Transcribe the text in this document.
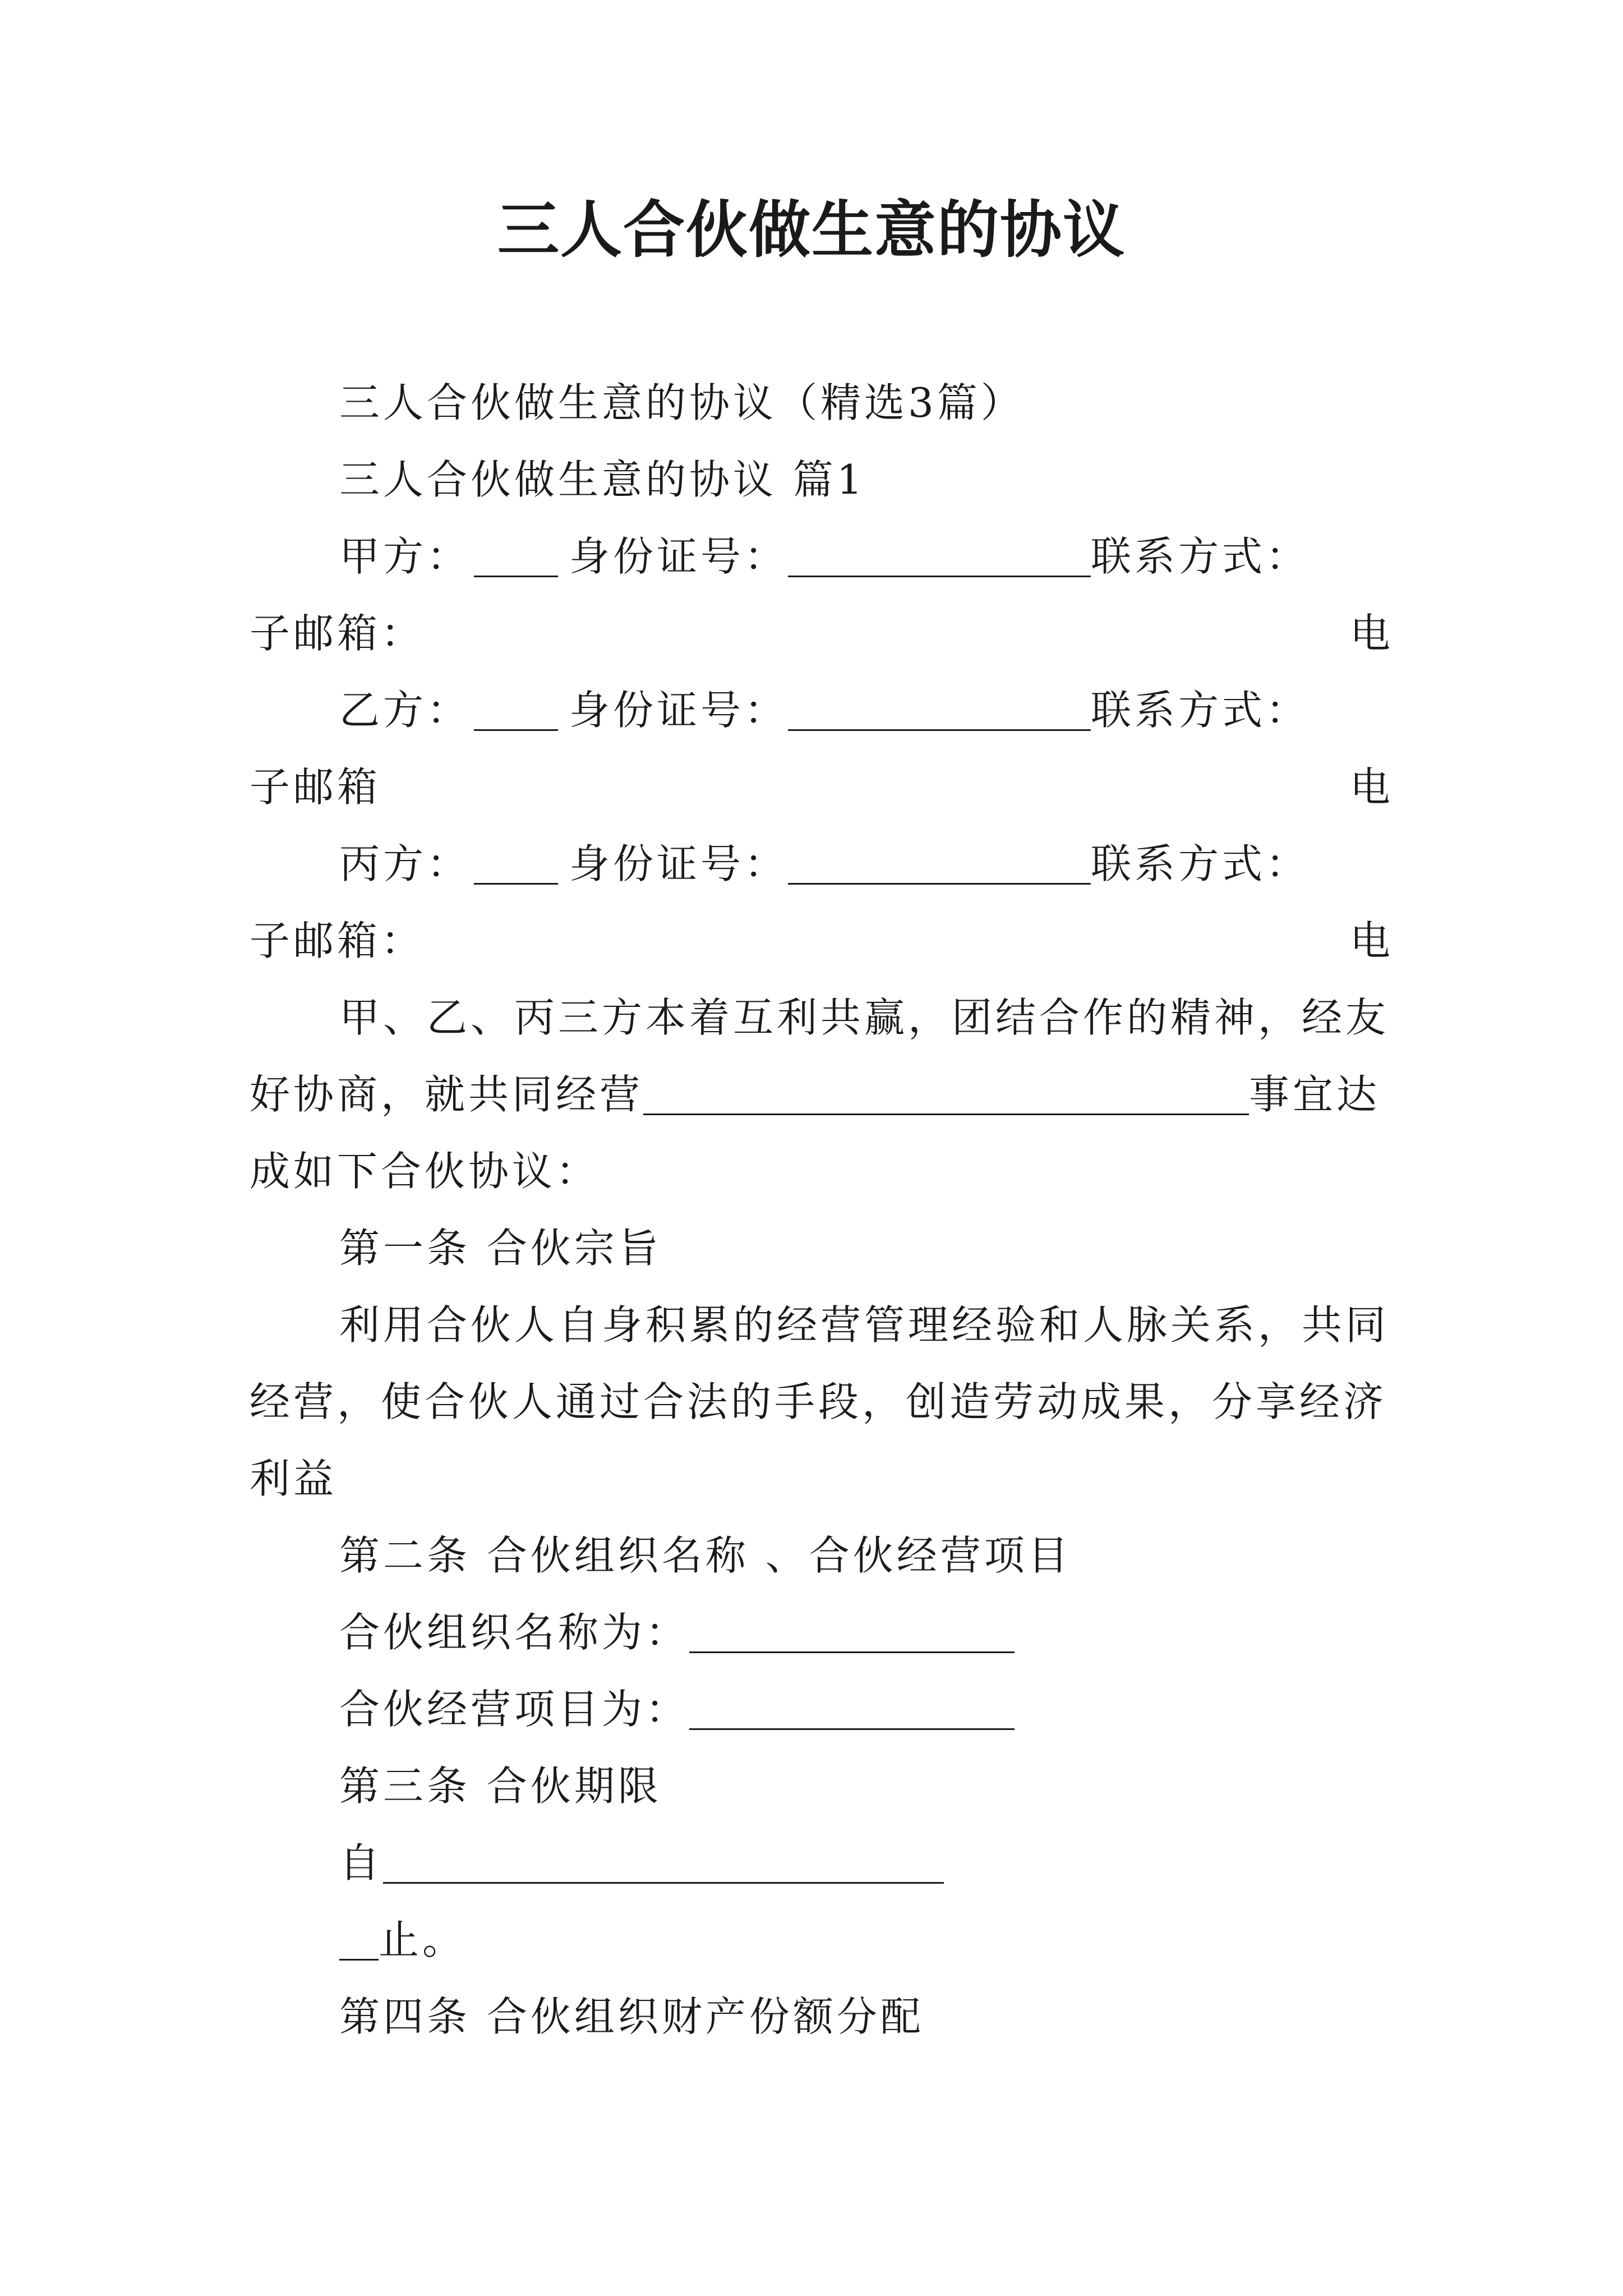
三人合伙做生意的协议

三人合伙做生意的协议（精选3篇）

三人合伙做生意的协议 篇1

甲方： 身份证号：	联系方式：
电

子邮箱：

乙方： 身份证号：	联系方式：
电

子邮箱

丙方： 身份证号：	联系方式：
电

子邮箱：

甲、乙、丙三方本着互利共赢，团结合作的精神，经友好协商，就共同经营	事宜达成如下合伙协议：

第一条 合伙宗旨

利用合伙人自身积累的经营管理经验和人脉关系，共同经营，使合伙人通过合法的手段，创造劳动成果，分享经济利益

第二条 合伙组织名称 、合伙经营项目

合伙组织名称为：

合伙经营项目为：

第三条 合伙期限

自

止。

第四条 合伙组织财产份额分配
